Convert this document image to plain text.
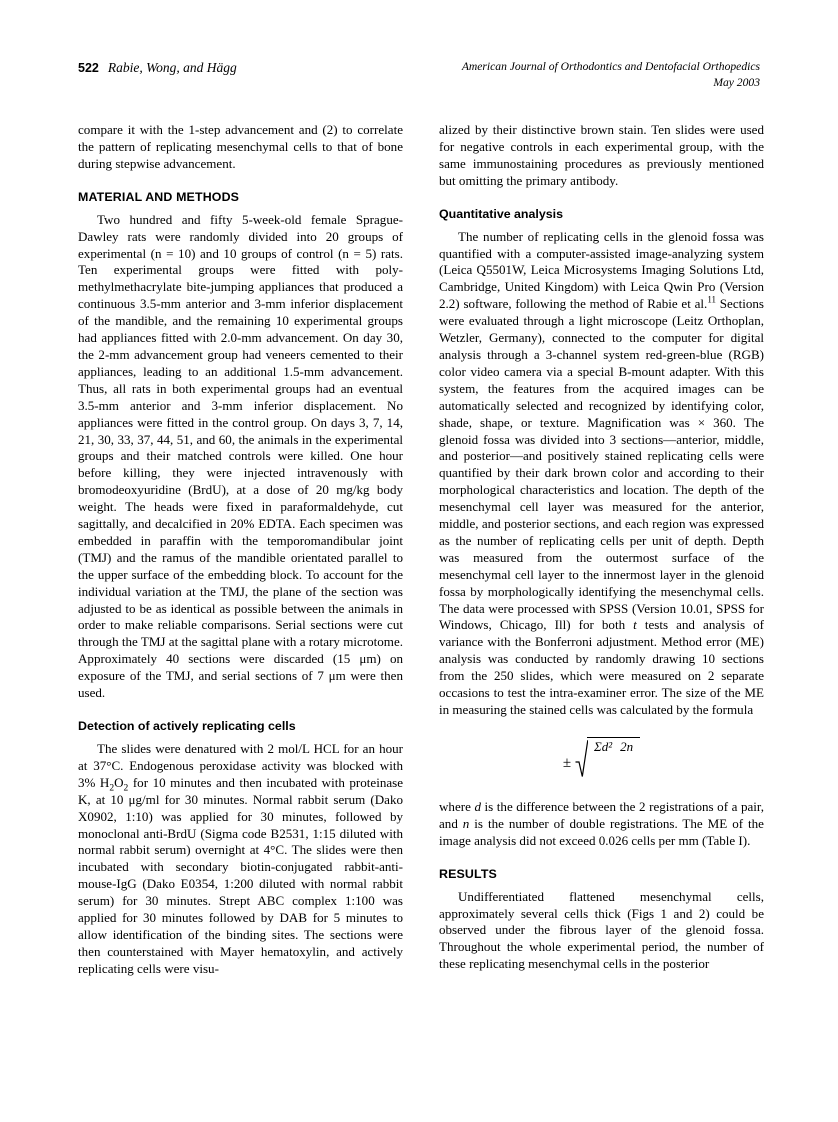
522 Rabie, Wong, and Hägg	American Journal of Orthodontics and Dentofacial Orthopedics
May 2003

compare it with the 1-step advancement and (2) to correlate the pattern of replicating mesenchymal cells to that of bone during stepwise advancement.

MATERIAL AND METHODS

Two hundred and fifty 5-week-old female Sprague-Dawley rats were randomly divided into 20 groups of experimental (n = 10) and 10 groups of control (n = 5) rats. Ten experimental groups were fitted with poly-methylmethacrylate bite-jumping appliances that produced a continuous 3.5-mm anterior and 3-mm inferior displacement of the mandible, and the remaining 10 experimental groups had appliances fitted with 2.0-mm advancement. On day 30, the 2-mm advancement group had veneers cemented to their appliances, leading to an additional 1.5-mm advancement. Thus, all rats in both experimental groups had an eventual 3.5-mm anterior and 3-mm inferior displacement. No appliances were fitted in the control group. On days 3, 7, 14, 21, 30, 33, 37, 44, 51, and 60, the animals in the experimental groups and their matched controls were killed. One hour before killing, they were injected intravenously with bromodeoxyuridine (BrdU), at a dose of 20 mg/kg body weight. The heads were fixed in paraformaldehyde, cut sagittally, and decalcified in 20% EDTA. Each specimen was embedded in paraffin with the temporomandibular joint (TMJ) and the ramus of the mandible orientated parallel to the upper surface of the embedding block. To account for the individual variation at the TMJ, the plane of the section was adjusted to be as identical as possible between the animals in order to make reliable comparisons. Serial sections were cut through the TMJ at the sagittal plane with a rotary microtome. Approximately 40 sections were discarded (15 μm) on exposure of the TMJ, and serial sections of 7 μm were then used.

Detection of actively replicating cells

The slides were denatured with 2 mol/L HCL for an hour at 37°C. Endogenous peroxidase activity was blocked with 3% $H_2O_2$ for 10 minutes and then incubated with proteinase K, at 10 μg/ml for 30 minutes. Normal rabbit serum (Dako X0902, 1:10) was applied for 30 minutes, followed by monoclonal anti-BrdU (Sigma code B2531, 1:15 diluted with normal rabbit serum) overnight at 4°C. The slides were then incubated with secondary biotin-conjugated rabbit-anti-mouse-IgG (Dako E0354, 1:200 diluted with normal rabbit serum) for 30 minutes. Strept ABC complex 1:100 was applied for 30 minutes followed by DAB for 5 minutes to allow identification of the binding sites. The sections were then counterstained with Mayer hematoxylin, and actively replicating cells were visu-

alized by their distinctive brown stain. Ten slides were used for negative controls in each experimental group, with the same immunostaining procedures as previously mentioned but omitting the primary antibody.

Quantitative analysis

The number of replicating cells in the glenoid fossa was quantified with a computer-assisted image-analyzing system (Leica Q5501W, Leica Microsystems Imaging Solutions Ltd, Cambridge, United Kingdom) with Leica Qwin Pro (Version 2.2) software, following the method of Rabie et al.$^{11}$ Sections were evaluated through a light microscope (Leitz Orthoplan, Wetzler, Germany), connected to the computer for digital analysis through a 3-channel system red-green-blue (RGB) color video camera via a special B-mount adapter. With this system, the features from the acquired images can be automatically selected and recognized by identifying color, shade, shape, or texture. Magnification was × 360. The glenoid fossa was divided into 3 sections—anterior, middle, and posterior—and positively stained replicating cells were quantified by their dark brown color and according to their morphological characteristics and location. The depth of the mesenchymal cell layer was measured for the anterior, middle, and posterior sections, and each region was expressed as the number of replicating cells per unit of depth. Depth was measured from the outermost surface of the mesenchymal cell layer to the innermost layer in the glenoid fossa by morphologically identifying the mesenchymal cells. The data were processed with SPSS (Version 10.01, SPSS for Windows, Chicago, Ill) for both t tests and analysis of variance with the Bonferroni adjustment. Method error (ME) analysis was conducted by randomly drawing 10 sections from the 250 slides, which were measured on 2 separate occasions to test the intra-examiner error. The size of the ME in measuring the stained cells was calculated by the formula

±
Σd² 2n

where d is the difference between the 2 registrations of a pair, and n is the number of double registrations. The ME of the image analysis did not exceed 0.026 cells per mm (Table I).

RESULTS

Undifferentiated flattened mesenchymal cells, approximately several cells thick (Figs 1 and 2) could be observed under the fibrous layer of the glenoid fossa. Throughout the whole experimental period, the number of these replicating mesenchymal cells in the posterior
